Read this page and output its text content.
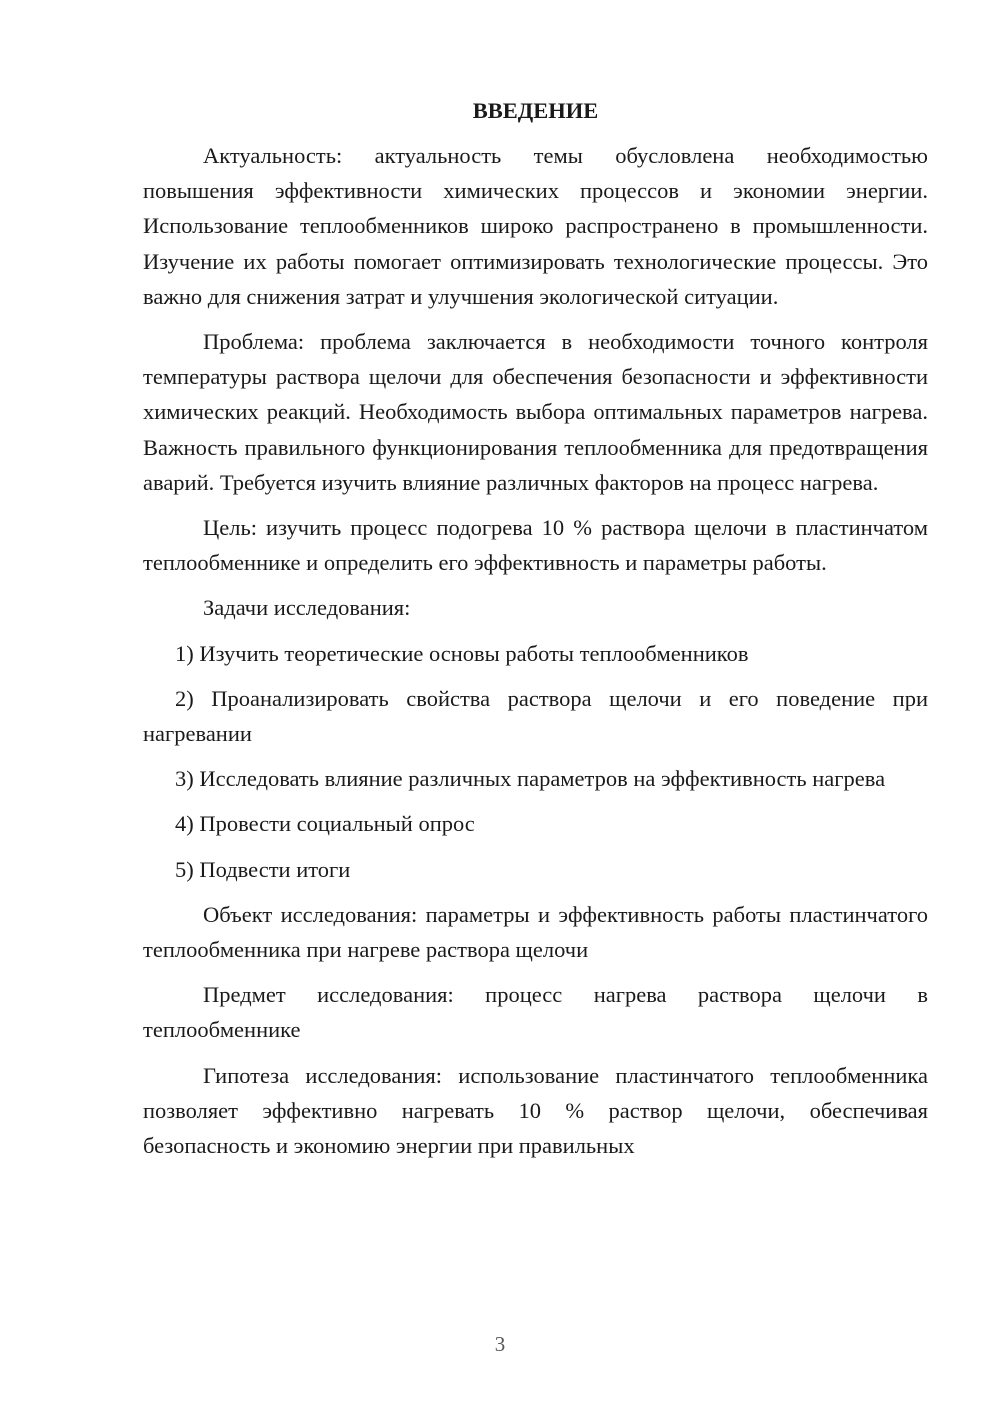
ВВЕДЕНИЕ

Актуальность: актуальность темы обусловлена необходимостью повышения эффективности химических процессов и экономии энергии. Использование теплообменников широко распространено в промышленности. Изучение их работы помогает оптимизировать технологические процессы. Это важно для снижения затрат и улучшения экологической ситуации.

Проблема: проблема заключается в необходимости точного контроля температуры раствора щелочи для обеспечения безопасности и эффективности химических реакций. Необходимость выбора оптимальных параметров нагрева. Важность правильного функционирования теплообменника для предотвращения аварий. Требуется изучить влияние различных факторов на процесс нагрева.

Цель: изучить процесс подогрева 10 % раствора щелочи в пластинчатом теплообменнике и определить его эффективность и параметры работы.

Задачи исследования:

1) Изучить теоретические основы работы теплообменников

2) Проанализировать свойства раствора щелочи и его поведение при нагревании

3) Исследовать влияние различных параметров на эффективность нагрева

4) Провести социальный опрос

5) Подвести итоги

Объект исследования: параметры и эффективность работы пластинчатого теплообменника при нагреве раствора щелочи

Предмет исследования: процесс нагрева раствора щелочи в теплообменнике

Гипотеза исследования: использование пластинчатого теплообменника позволяет эффективно нагревать 10 % раствор щелочи, обеспечивая безопасность и экономию энергии при правильных

3
